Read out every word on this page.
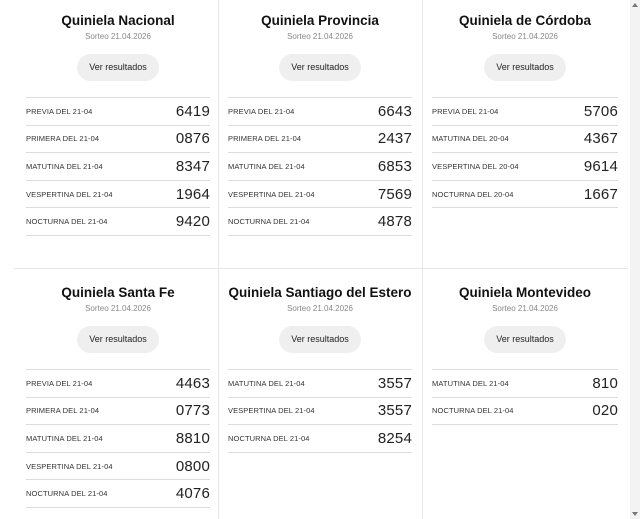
Quiniela Nacional
Sorteo 21.04.2026
Ver resultados
PREVIA DEL 21-04	6419
PRIMERA DEL 21-04	0876
MATUTINA DEL 21-04	8347
VESPERTINA DEL 21-04	1964
NOCTURNA DEL 21-04	9420
Quiniela Provincia
Sorteo 21.04.2026
Ver resultados
PREVIA DEL 21-04	6643
PRIMERA DEL 21-04	2437
MATUTINA DEL 21-04	6853
VESPERTINA DEL 21-04	7569
NOCTURNA DEL 21-04	4878
Quiniela de Córdoba
Sorteo 21.04.2026
Ver resultados
PREVIA DEL 21-04	5706
MATUTINA DEL 20-04	4367
VESPERTINA DEL 20-04	9614
NOCTURNA DEL 20-04	1667
Quiniela Santa Fe
Sorteo 21.04.2026
Ver resultados
PREVIA DEL 21-04	4463
PRIMERA DEL 21-04	0773
MATUTINA DEL 21-04	8810
VESPERTINA DEL 21-04	0800
NOCTURNA DEL 21-04	4076
Quiniela Santiago del Estero
Sorteo 21.04.2026
Ver resultados
MATUTINA DEL 21-04	3557
VESPERTINA DEL 21-04	3557
NOCTURNA DEL 21-04	8254
Quiniela Montevideo
Sorteo 21.04.2026
Ver resultados
MATUTINA DEL 21-04	810
NOCTURNA DEL 21-04	020
